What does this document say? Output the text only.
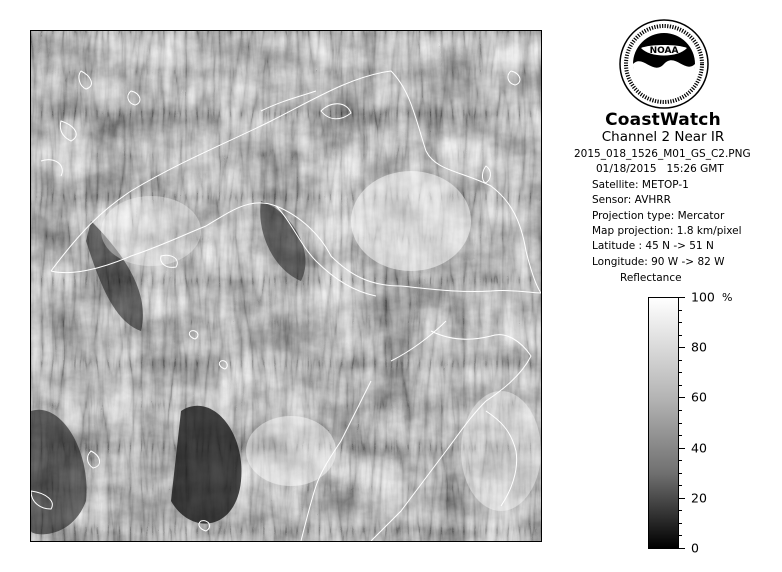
NOAA
CoastWatch
Channel 2 Near IR
2015_018_1526_M01_GS_C2.PNG
01/18/2015 15:26 GMT
Satellite: METOP-1
Sensor: AVHRR
Projection type: Mercator
Map projection: 1.8 km/pixel
Latitude : 45 N -> 51 N
Longitude: 90 W -> 82 W
Reflectance
100
80
60
40
20
0
%
